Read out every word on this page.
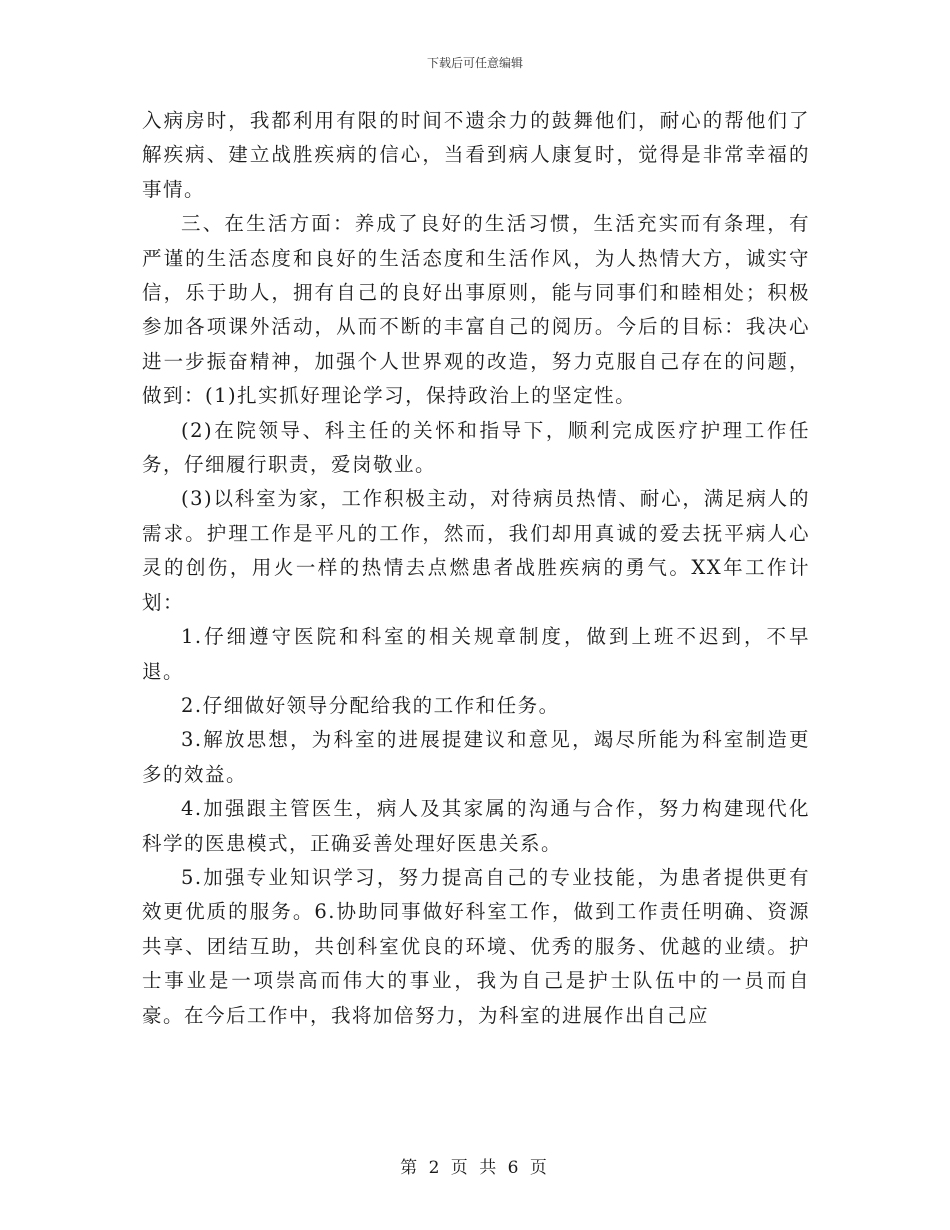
下载后可任意编辑

入病房时，我都利用有限的时间不遗余力的鼓舞他们，耐心的帮他们了解疾病、建立战胜疾病的信心，当看到病人康复时，觉得是非常幸福的事情。

三、在生活方面：养成了良好的生活习惯，生活充实而有条理，有严谨的生活态度和良好的生活态度和生活作风，为人热情大方，诚实守信，乐于助人，拥有自己的良好出事原则，能与同事们和睦相处；积极参加各项课外活动，从而不断的丰富自己的阅历。今后的目标：我决心进一步振奋精神，加强个人世界观的改造，努力克服自己存在的问题，做到：(1)扎实抓好理论学习，保持政治上的坚定性。

(2)在院领导、科主任的关怀和指导下，顺利完成医疗护理工作任务，仔细履行职责，爱岗敬业。

(3)以科室为家，工作积极主动，对待病员热情、耐心，满足病人的需求。护理工作是平凡的工作，然而，我们却用真诚的爱去抚平病人心灵的创伤，用火一样的热情去点燃患者战胜疾病的勇气。XX年工作计划：

1.仔细遵守医院和科室的相关规章制度，做到上班不迟到，不早退。

2.仔细做好领导分配给我的工作和任务。

3.解放思想，为科室的进展提建议和意见，竭尽所能为科室制造更多的效益。

4.加强跟主管医生，病人及其家属的沟通与合作，努力构建现代化科学的医患模式，正确妥善处理好医患关系。

5.加强专业知识学习，努力提高自己的专业技能，为患者提供更有效更优质的服务。6.协助同事做好科室工作，做到工作责任明确、资源共享、团结互助，共创科室优良的环境、优秀的服务、优越的业绩。护士事业是一项崇高而伟大的事业，我为自己是护士队伍中的一员而自豪。在今后工作中，我将加倍努力，为科室的进展作出自己应

第 2 页 共 6 页
